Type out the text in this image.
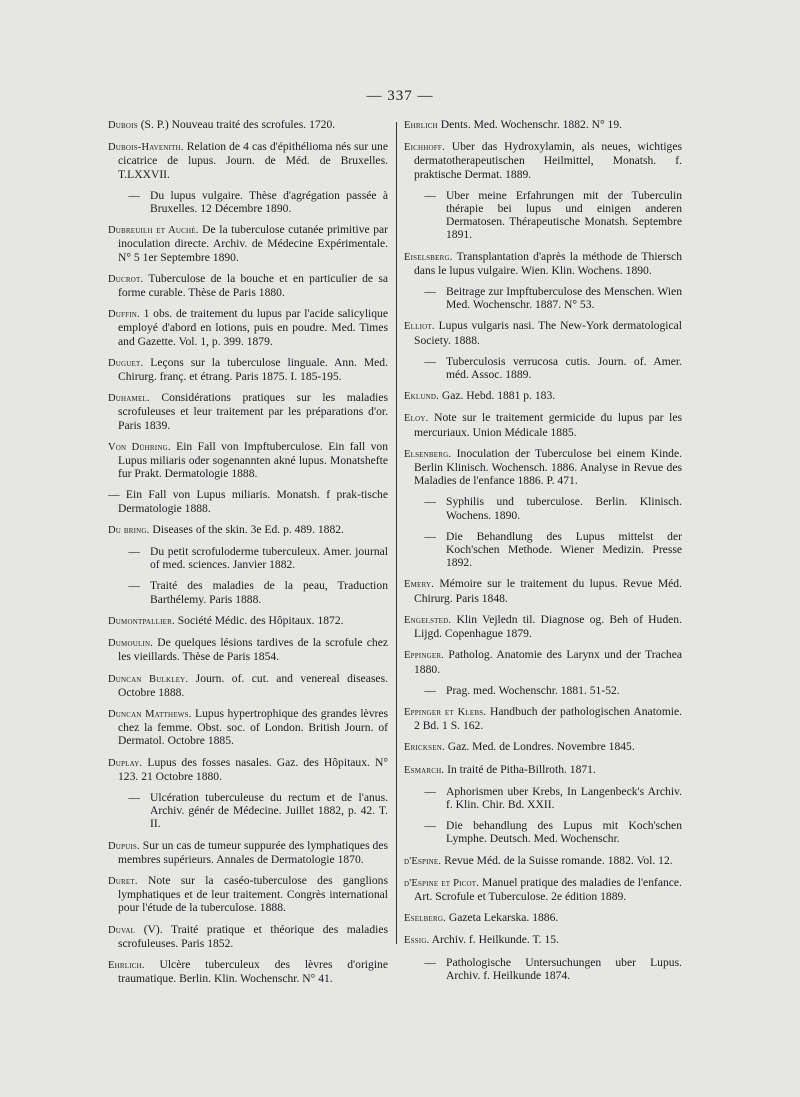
— 337 —
Dubois (S. P.) Nouveau traité des scrofules. 1720.
Dubois-Havenith. Relation de 4 cas d'épithélioma nés sur une cicatrice de lupus. Journ. de Méd. de Bruxelles. T.LXXVII.
— Du lupus vulgaire. Thèse d'agrégation passée à Bruxelles. 12 Décembre 1890.
Dubreuilh et Auché. De la tuberculose cutanée primitive par inoculation directe. Archiv. de Médecine Expérimentale. N° 5 1er Septembre 1890.
Ducrot. Tuberculose de la bouche et en particulier de sa forme curable. Thèse de Paris 1880.
Duffin. 1 obs. de traitement du lupus par l'acide salicylique employé d'abord en lotions, puis en poudre. Med. Times and Gazette. Vol. 1, p. 399. 1879.
Duguet. Leçons sur la tuberculose linguale. Ann. Med. Chirurg. franç. et étrang. Paris 1875. I. 185-195.
Duhamel. Considérations pratiques sur les maladies scrofuleuses et leur traitement par les préparations d'or. Paris 1839.
Von Dühring. Ein Fall von Impftuberculose. Ein fall von Lupus miliaris oder sogenannten akné lupus. Monatshefte fur Prakt. Dermatologie 1888.
— Ein Fall von Lupus miliaris. Monatsh. f prak-tische Dermatologie 1888.
Du bring. Diseases of the skin. 3e Ed. p. 489. 1882.
— Du petit scrofuloderme tuberculeux. Amer. journal of med. sciences. Janvier 1882.
— Traité des maladies de la peau, Traduction Barthélemy. Paris 1888.
Dumontpallier. Société Médic. des Hôpitaux. 1872.
Dumoulin. De quelques lésions tardives de la scrofule chez les vieillards. Thèse de Paris 1854.
Duncan Bulkley. Journ. of. cut. and venereal diseases. Octobre 1888.
Duncan Matthews. Lupus hypertrophique des grandes lèvres chez la femme. Obst. soc. of London. British Journ. of Dermatol. Octobre 1885.
Duplay. Lupus des fosses nasales. Gaz. des Hôpitaux. N° 123. 21 Octobre 1880.
— Ulcération tuberculeuse du rectum et de l'anus. Archiv. génér de Médecine. Juillet 1882, p. 42. T. II.
Dupuis. Sur un cas de tumeur suppurée des lymphatiques des membres supérieurs. Annales de Dermatologie 1870.
Duret. Note sur la caséo-tuberculose des ganglions lymphatiques et de leur traitement. Congrès international pour l'étude de la tuberculose. 1888.
Duval (V). Traité pratique et théorique des maladies scrofuleuses. Paris 1852.
Ehrlich. Ulcère tuberculeux des lèvres d'origine traumatique. Berlin. Klin. Wochenschr. N° 41.
Ehrlich Dents. Med. Wochenschr. 1882. N° 19.
Eichhoff. Uber das Hydroxylamin, als neues, wichtiges dermatotherapeutischen Heilmittel, Monatsh. f. praktische Dermat. 1889.
— Uber meine Erfahrungen mit der Tuberculin thérapie bei lupus und einigen anderen Dermatosen. Thérapeutische Monatsh. Septembre 1891.
Eiselsberg. Transplantation d'après la méthode de Thiersch dans le lupus vulgaire. Wien. Klin. Wochens. 1890.
— Beitrage zur Impftuberculose des Menschen. Wien Med. Wochenschr. 1887. N° 53.
Elliot. Lupus vulgaris nasi. The New-York dermatological Society. 1888.
— Tuberculosis verrucosa cutis. Journ. of. Amer. méd. Assoc. 1889.
Eklund. Gaz. Hebd. 1881 p. 183.
Eloy. Note sur le traitement germicide du lupus par les mercuriaux. Union Médicale 1885.
Elsenberg. Inoculation der Tuberculose bei einem Kinde. Berlin Klinisch. Wochensch. 1886. Analyse in Revue des Maladies de l'enfance 1886. P. 471.
— Syphilis und tuberculose. Berlin. Klinisch. Wochens. 1890.
— Die Behandlung des Lupus mittelst der Koch'schen Methode. Wiener Medizin. Presse 1892.
Emery. Mémoire sur le traitement du lupus. Revue Méd. Chirurg. Paris 1848.
Engelsted. Klin Vejledn til. Diagnose og. Beh of Huden. Lijgd. Copenhague 1879.
Eppinger. Patholog. Anatomie des Larynx und der Trachea 1880.
— Prag. med. Wochenschr. 1881. 51-52.
Eppinger et Klebs. Handbuch der pathologischen Anatomie. 2 Bd. 1 S. 162.
Ericksen. Gaz. Med. de Londres. Novembre 1845.
Esmarch. In traité de Pitha-Billroth. 1871.
— Aphorismen uber Krebs, In Langenbeck's Archiv. f. Klin. Chir. Bd. XXII.
— Die behandlung des Lupus mit Koch'schen Lymphe. Deutsch. Med. Wochenschr.
d'Espine. Revue Méd. de la Suisse romande. 1882. Vol. 12.
d'Espine et Picot. Manuel pratique des maladies de l'enfance. Art. Scrofule et Tuberculose. 2e édition 1889.
Eselberg. Gazeta Lekarska. 1886.
Essig. Archiv. f. Heilkunde. T. 15.
— Pathologische Untersuchungen uber Lupus. Archiv. f. Heilkunde 1874.
